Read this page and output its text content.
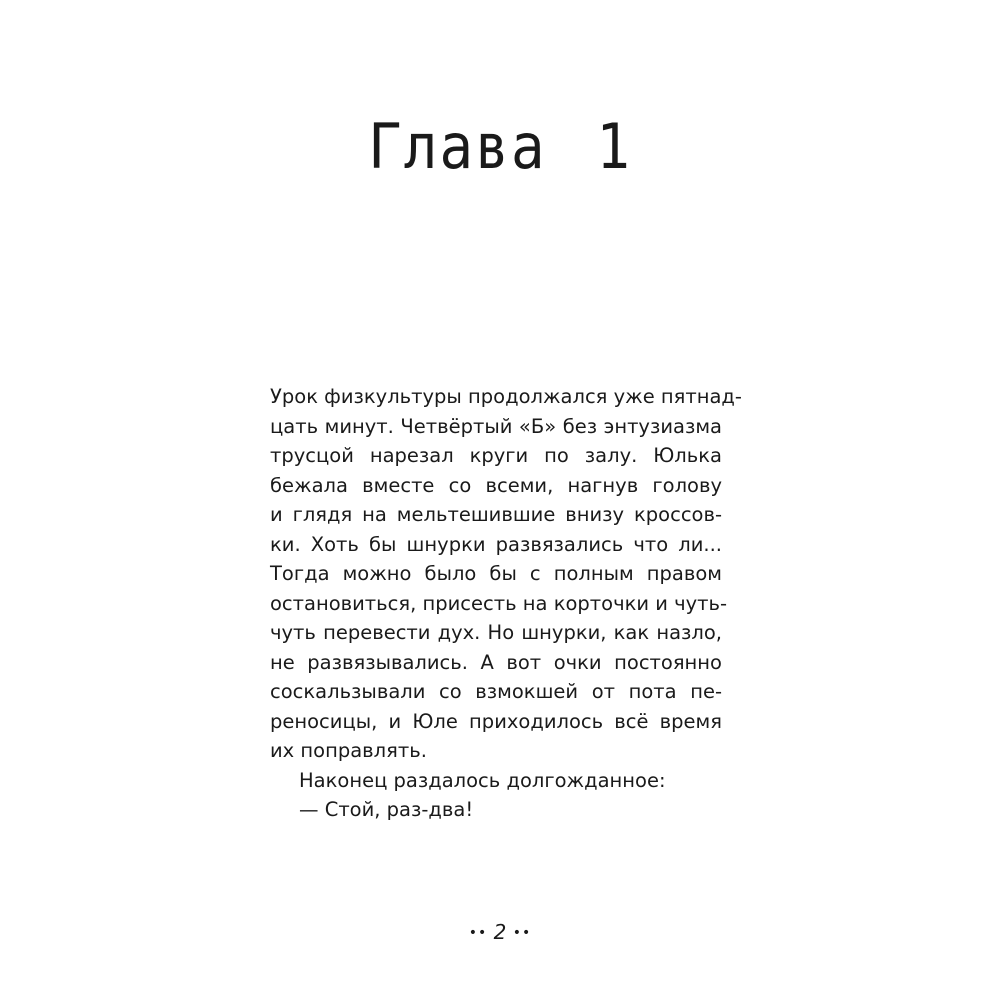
Глава 1
Урок физкультуры продолжался уже пятнад-
цать минут. Четвёртый «Б» без энтузиазма
трусцой нарезал круги по залу. Юлька
бежала вместе со всеми, нагнув голову
и глядя на мельтешившие внизу кроссов-
ки. Хоть бы шнурки развязались что ли...
Тогда можно было бы с полным правом
остановиться, присесть на корточки и чуть-
чуть перевести дух. Но шнурки, как назло,
не развязывались. А вот очки постоянно
соскальзывали со взмокшей от пота пе-
реносицы, и Юле приходилось всё время
их поправлять.
Наконец раздалось долгожданное:
— Стой, раз-два!
•• 2 ••
